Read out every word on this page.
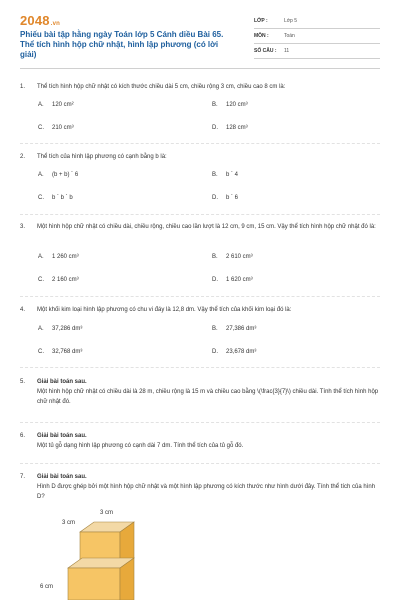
2048.vn
Phiếu bài tập hằng ngày Toán lớp 5 Cánh diều Bài 65. Thể tích hình hộp chữ nhật, hình lập phương (có lời giải)
LỚP :	Lớp 5
MÔN :	Toán
SỐ CÂU : 11
1. Thể tích hình hộp chữ nhật có kích thước chiều dài 5 cm, chiều rộng 3 cm, chiều cao 8 cm là:
A. 120 cm²	B. 120 cm³
C. 210 cm³	D. 128 cm³
2. Thể tích của hình lập phương có cạnh bằng b là:
A. (b + b) ´ 6	B. b ´ 4
C. b ´ b ´ b	D. b ´ 6
3. Một hình hộp chữ nhật có chiều dài, chiều rộng, chiều cao lần lượt là 12 cm, 9 cm, 15 cm. Vậy thể tích hình hộp chữ nhật đó là:
A. 1 260 cm³	B. 2 610 cm³
C. 2 160 cm³	D. 1 620 cm³
4. Một khối kim loại hình lập phương có chu vi đáy là 12,8 dm. Vậy thể tích của khối kim loại đó là:
A. 37,286 dm³	B. 27,386 dm³
C. 32,768 dm³	D. 23,678 dm³
5. Giải bài toán sau.
Một hình hộp chữ nhật có chiều dài là 28 m, chiều rộng là 15 m và chiều cao bằng \(\frac{3}{7}\) chiều dài. Tính thể tích hình hộp chữ nhật đó.
6. Giải bài toán sau.
Một tủ gỗ dạng hình lập phương có cạnh dài 7 dm. Tính thể tích của tủ gỗ đó.
7. Giải bài toán sau.
Hình D được ghép bởi một hình hộp chữ nhật và một hình lập phương có kích thước như hình dưới đây. Tính thể tích của hình D?
3 cm
3 cm
6 cm
